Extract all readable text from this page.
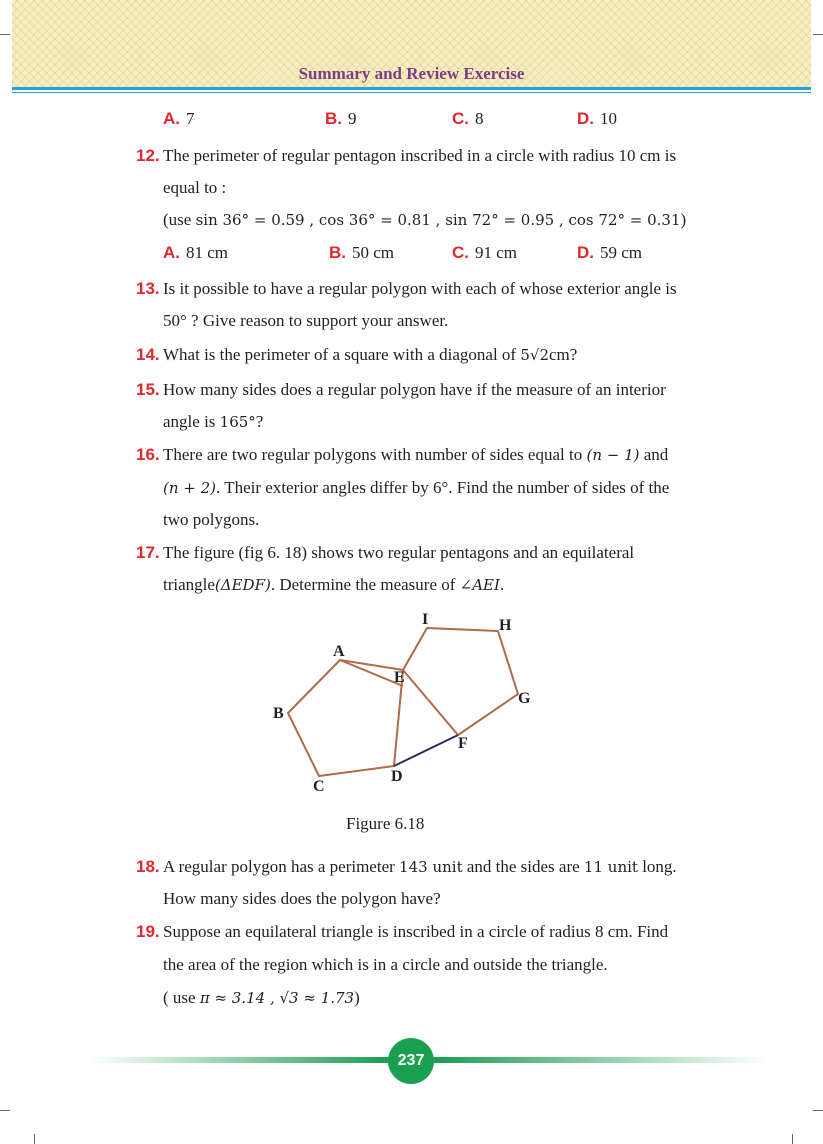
Summary and Review Exercise
A. 7	B. 9	C. 8	D. 10
12. The perimeter of regular pentagon inscribed in a circle with radius 10 cm is
equal to :
(use sin 36° = 0.59 , cos 36° = 0.81 , sin 72° = 0.95 , cos 72° = 0.31)
A. 81 cm	B. 50 cm	C. 91 cm	D. 59 cm
13. Is it possible to have a regular polygon with each of whose exterior angle is
50° ? Give reason to support your answer.
14. What is the perimeter of a square with a diagonal of 5√2cm?
15. How many sides does a regular polygon have if the measure of an interior
angle is 165°?
16. There are two regular polygons with number of sides equal to (n − 1) and
(n + 2). Their exterior angles differ by 6°. Find the number of sides of the
two polygons.
17. The figure (fig 6. 18) shows two regular pentagons and an equilateral
triangle(ΔEDF). Determine the measure of ∠AEI.
A
B
C
D
E
F
G
H
I
Figure 6.18
18. A regular polygon has a perimeter 143 unit and the sides are 11 unit long.
How many sides does the polygon have?
19. Suppose an equilateral triangle is inscribed in a circle of radius 8 cm. Find
the area of the region which is in a circle and outside the triangle.
( use π ≈ 3.14 , √3 ≈ 1.73)
237
